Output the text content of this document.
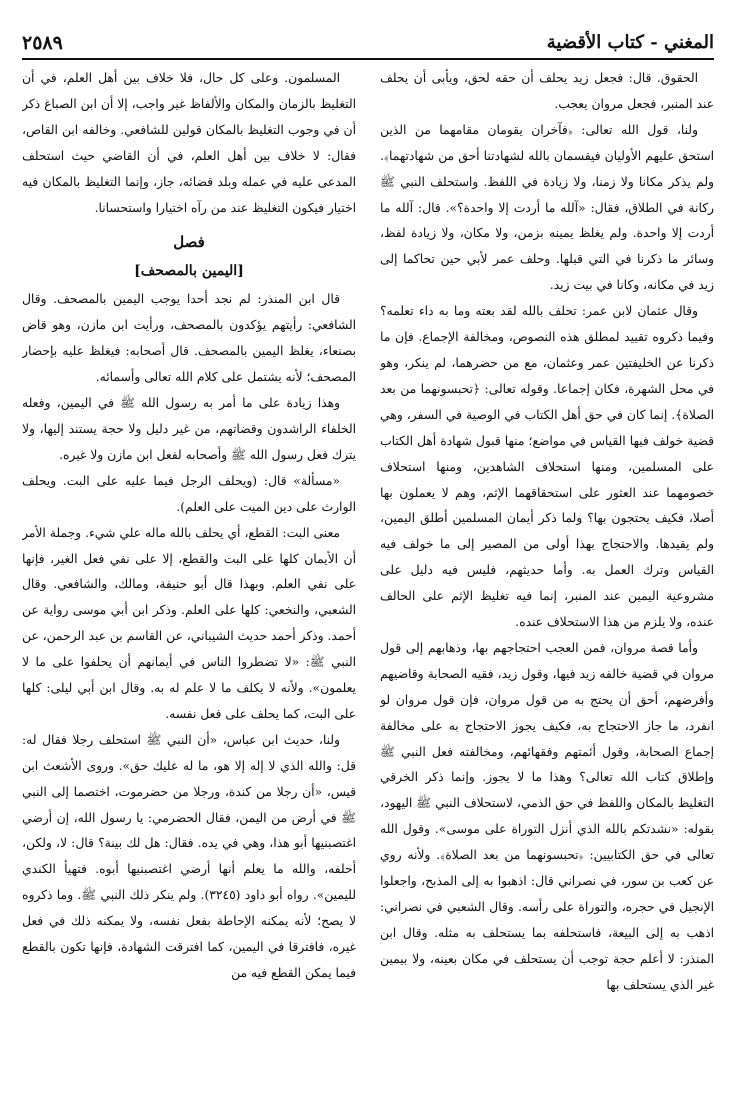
المغني - كتاب الأقضية
٢٥٨٩

الحقوق. قال: فجعل زيد يحلف أن حقه لحق، ويأبى أن يحلف عند المنبر، فجعل مروان يعجب.

ولنا، قول الله تعالى: ﴿فآخران يقومان مقامهما من الذين استحق عليهم الأوليان فيقسمان بالله لشهادتنا أحق من شهادتهما﴾. ولم يذكر مكانا ولا زمنا، ولا زيادة في اللفظ. واستحلف النبي ﷺ ركانة في الطلاق، فقال: «آلله ما أردت إلا واحدة؟». قال: آلله ما أردت إلا واحدة. ولم يغلظ يمينه بزمن، ولا مكان، ولا زيادة لفظ، وسائر ما ذكرنا في التي قبلها. وحلف عمر لأبي حين تحاكما إلى زيد في مكانه، وكانا في بيت زيد.

وقال عثمان لابن عمر: تحلف بالله لقد بعته وما به داء تعلمه؟ وفيما ذكروه تقييد لمطلق هذه النصوص، ومخالفة الإجماع. فإن ما ذكرنا عن الخليفتين عمر وعثمان، مع من حضرهما، لم ينكر، وهو في محل الشهرة، فكان إجماعا. وقوله تعالى: ﴿تحبسونهما من بعد الصلاة﴾. إنما كان في حق أهل الكتاب في الوصية في السفر، وهي قضية خولف فيها القياس في مواضع؛ منها قبول شهادة أهل الكتاب على المسلمين، ومنها استحلاف الشاهدين، ومنها استحلاف خصومهما عند العثور على استحقاقهما الإثم، وهم لا يعملون بها أصلا، فكيف يحتجون بها؟ ولما ذكر أيمان المسلمين أطلق اليمين، ولم يقيدها. والاحتجاج بهذا أولى من المصير إلى ما خولف فيه القياس وترك العمل به. وأما حديثهم، فليس فيه دليل على مشروعية اليمين عند المنبر، إنما فيه تغليظ الإثم على الحالف عنده، ولا يلزم من هذا الاستحلاف عنده.

وأما قصة مروان، فمن العجب احتجاجهم بها، وذهابهم إلى قول مروان في قضية خالفه زيد فيها، وقول زيد، فقيه الصحابة وقاضيهم وأفرضهم، أحق أن يحتج به من قول مروان، فإن قول مروان لو انفرد، ما جاز الاحتجاج به، فكيف يجوز الاحتجاج به على مخالفة إجماع الصحابة، وقول أئمتهم وفقهائهم، ومخالفته فعل النبي ﷺ وإطلاق كتاب الله تعالى؟ وهذا ما لا يجوز. وإنما ذكر الخرقي التغليظ بالمكان واللفظ في حق الذمي، لاستحلاف النبي ﷺ اليهود، بقوله: «نشدتكم بالله الذي أنزل التوراة على موسى». وقول الله تعالى في حق الكتابيين: ﴿تحبسونهما من بعد الصلاة﴾. ولأنه روي عن كعب بن سور، في نصراني قال: اذهبوا به إلى المذبح، واجعلوا الإنجيل في حجره، والتوراة على رأسه. وقال الشعبي في نصراني: اذهب به إلى البيعة، فاستحلفه بما يستحلف به مثله. وقال ابن المنذر: لا أعلم حجة توجب أن يستحلف في مكان بعينه، ولا بيمين غير الذي يستحلف بها

المسلمون. وعلى كل حال، فلا خلاف بين أهل العلم، في أن التغليظ بالزمان والمكان والألفاظ غير واجب، إلا أن ابن الصباغ ذكر أن في وجوب التغليظ بالمكان قولين للشافعي. وخالفه ابن القاص، فقال: لا خلاف بين أهل العلم، في أن القاضي حيث استحلف المدعى عليه في عمله وبلد قضائه، جاز، وإنما التغليظ بالمكان فيه اختيار فيكون التغليظ عند من رآه اختيارا واستحسانا.

فصل
[اليمين بالمصحف]

قال ابن المنذر: لم نجد أحدا يوجب اليمين بالمصحف. وقال الشافعي: رأيتهم يؤكدون بالمصحف، ورأيت ابن مازن، وهو قاض بصنعاء، يغلظ اليمين بالمصحف. قال أصحابه: فيغلظ عليه بإحضار المصحف؛ لأنه يشتمل على كلام الله تعالى وأسمائه.

وهذا زيادة على ما أمر به رسول الله ﷺ في اليمين، وفعله الخلفاء الراشدون وقضاتهم، من غير دليل ولا حجة يستند إليها، ولا يترك فعل رسول الله ﷺ وأصحابه لفعل ابن مازن ولا غيره.

«مسألة» قال: (ويحلف الرجل فيما عليه على البت. ويحلف الوارث على دين الميت على العلم).

معنى البت: القطع، أي يحلف بالله ماله علي شيء. وجملة الأمر أن الأيمان كلها على البت والقطع، إلا على نفي فعل الغير، فإنها على نفي العلم. وبهذا قال أبو حنيفة، ومالك، والشافعي. وقال الشعبي، والنخعي: كلها على العلم. وذكر ابن أبي موسى رواية عن أحمد. وذكر أحمد حديث الشيباني، عن القاسم بن عبد الرحمن، عن النبي ﷺ: «لا تضطروا الناس في أيمانهم أن يحلفوا على ما لا يعلمون». ولأنه لا يكلف ما لا علم له به. وقال ابن أبي ليلى: كلها على البت، كما يحلف على فعل نفسه.

ولنا، حديث ابن عباس، «أن النبي ﷺ استحلف رجلا فقال له: قل: والله الذي لا إله إلا هو، ما له عليك حق». وروى الأشعث ابن قيس، «أن رجلا من كندة، ورجلا من حضرموت، اختصما إلى النبي ﷺ في أرض من اليمن، فقال الحضرمي: يا رسول الله، إن أرضي اغتصبنيها أبو هذا، وهي في يده. فقال: هل لك بينة؟ قال: لا، ولكن، أحلفه، والله ما يعلم أنها أرضي اغتصبنيها أبوه. فتهيأ الكندي لليمين». رواه أبو داود (٣٢٤٥). ولم ينكر ذلك النبي ﷺ. وما ذكروه لا يصح؛ لأنه يمكنه الإحاطة بفعل نفسه، ولا يمكنه ذلك في فعل غيره، فافترقا في اليمين، كما افترقت الشهادة، فإنها تكون بالقطع فيما يمكن القطع فيه من
